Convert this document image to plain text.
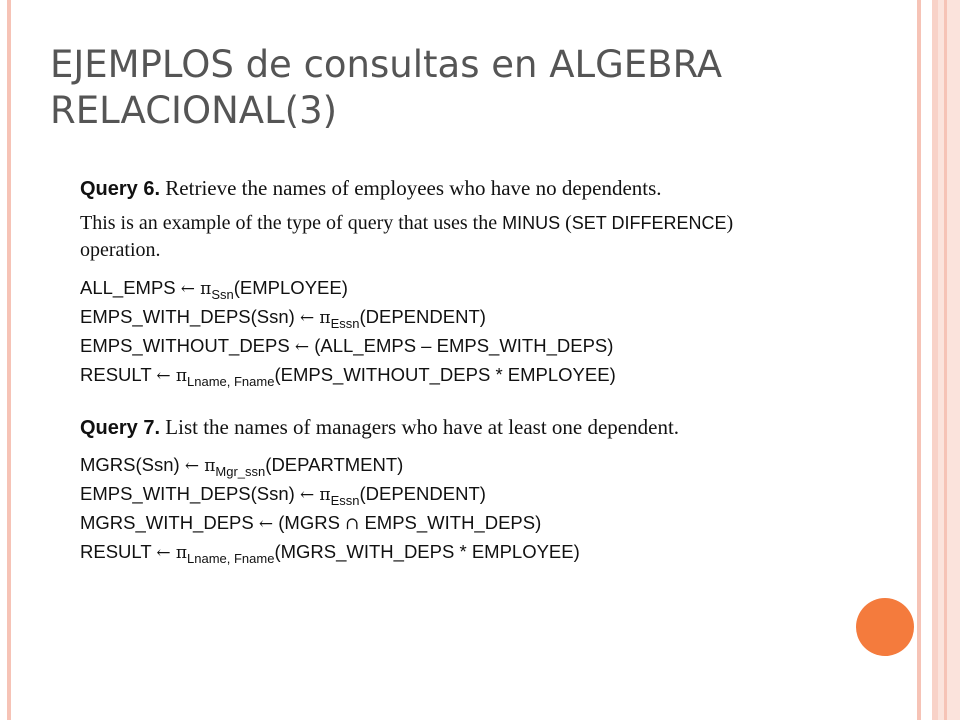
EJEMPLOS de consultas en ALGEBRA RELACIONAL(3)

Query 6. Retrieve the names of employees who have no dependents.

This is an example of the type of query that uses the MINUS (SET DIFFERENCE)
operation.

ALL_EMPS ← $\pi_{Ssn}(EMPLOYEE)$

EMPS_WITH_DEPS(Ssn) ← $\pi_{Essn}(DEPENDENT)$

EMPS_WITHOUT_DEPS ← (ALL_EMPS – EMPS_WITH_DEPS)

RESULT ← $\pi_{Lname, Fname}(EMPS\_WITHOUT\_DEPS$ * EMPLOYEE)

Query 7. List the names of managers who have at least one dependent.

MGRS(Ssn) ← $\pi_{Mgr\_ssn}(DEPARTMENT)$

EMPS_WITH_DEPS(Ssn) ← $\pi_{Essn}(DEPENDENT)$

MGRS_WITH_DEPS ← (MGRS ∩ EMPS_WITH_DEPS)

RESULT ← $\pi_{Lname, Fname}(MGRS\_WITH\_DEPS$ * EMPLOYEE)
